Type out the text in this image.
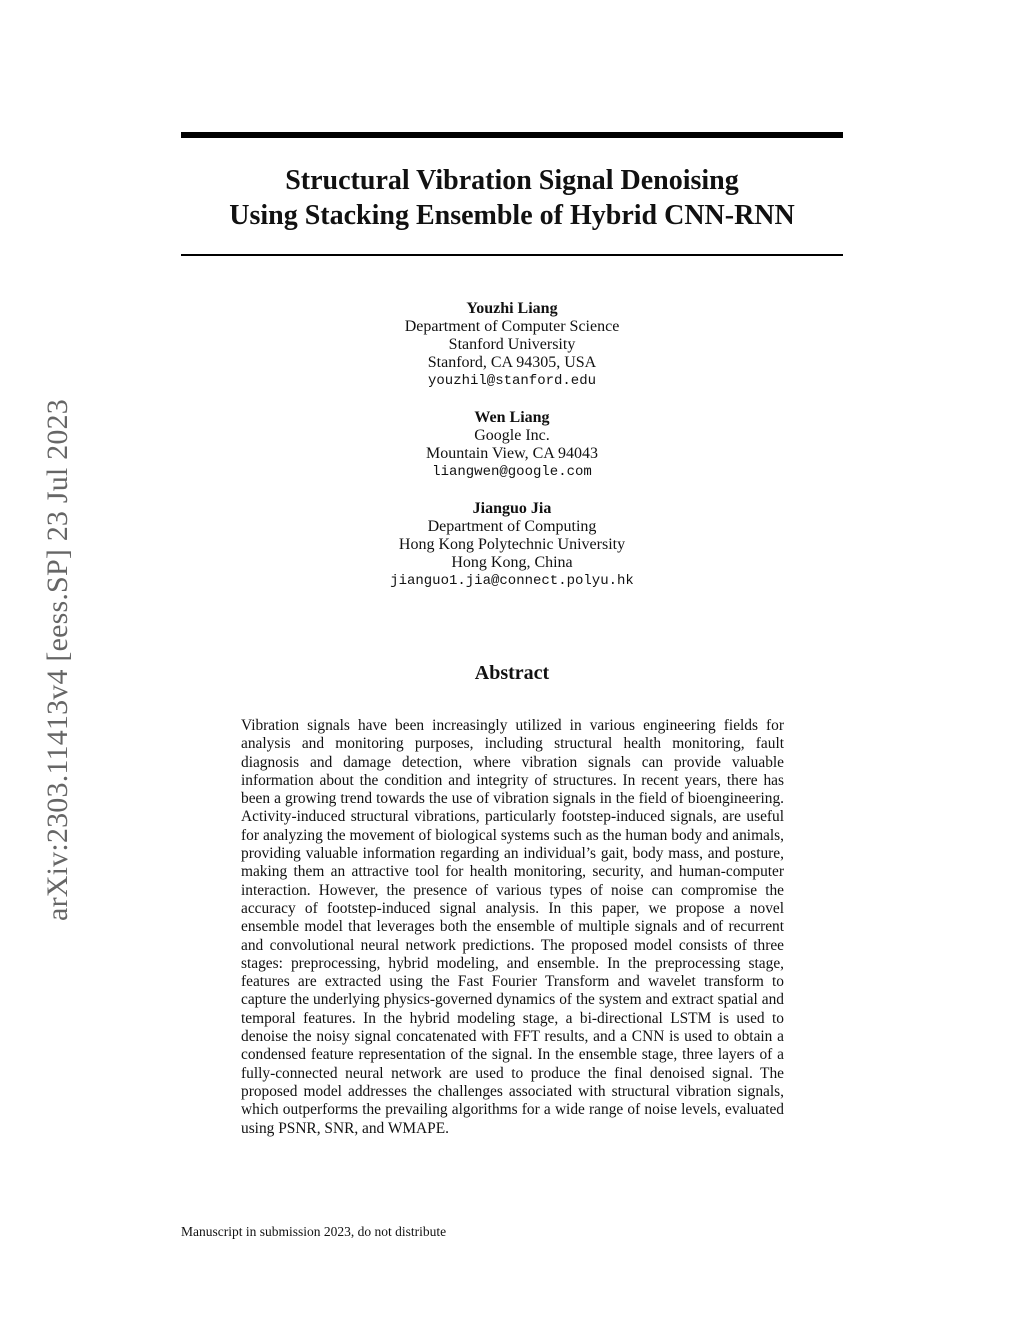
arXiv:2303.11413v4 [eess.SP] 23 Jul 2023
Structural Vibration Signal Denoising
Using Stacking Ensemble of Hybrid CNN-RNN
Youzhi Liang
Department of Computer Science
Stanford University
Stanford, CA 94305, USA
youzhil@stanford.edu
Wen Liang
Google Inc.
Mountain View, CA 94043
liangwen@google.com
Jianguo Jia
Department of Computing
Hong Kong Polytechnic University
Hong Kong, China
jianguo1.jia@connect.polyu.hk
Abstract
Vibration signals have been increasingly utilized in various engineering fields for analysis and monitoring purposes, including structural health monitoring, fault diagnosis and damage detection, where vibration signals can provide valuable information about the condition and integrity of structures. In recent years, there has been a growing trend towards the use of vibration signals in the field of bioengineering. Activity-induced structural vibrations, particularly footstep-induced signals, are useful for analyzing the movement of biological systems such as the human body and animals, providing valuable information regarding an individual’s gait, body mass, and posture, making them an attractive tool for health monitoring, security, and human-computer interaction. However, the presence of various types of noise can compromise the accuracy of footstep-induced signal analysis. In this paper, we propose a novel ensemble model that leverages both the ensemble of multiple signals and of recurrent and convolutional neural network predictions. The proposed model consists of three stages: preprocessing, hybrid modeling, and ensemble. In the preprocessing stage, features are extracted using the Fast Fourier Transform and wavelet transform to capture the underlying physics-governed dynamics of the system and extract spatial and temporal features. In the hybrid modeling stage, a bi-directional LSTM is used to denoise the noisy signal concatenated with FFT results, and a CNN is used to obtain a condensed feature representation of the signal. In the ensemble stage, three layers of a fully-connected neural network are used to produce the final denoised signal. The proposed model addresses the challenges associated with structural vibration signals, which outperforms the prevailing algorithms for a wide range of noise levels, evaluated using PSNR, SNR, and WMAPE.
Manuscript in submission 2023, do not distribute
